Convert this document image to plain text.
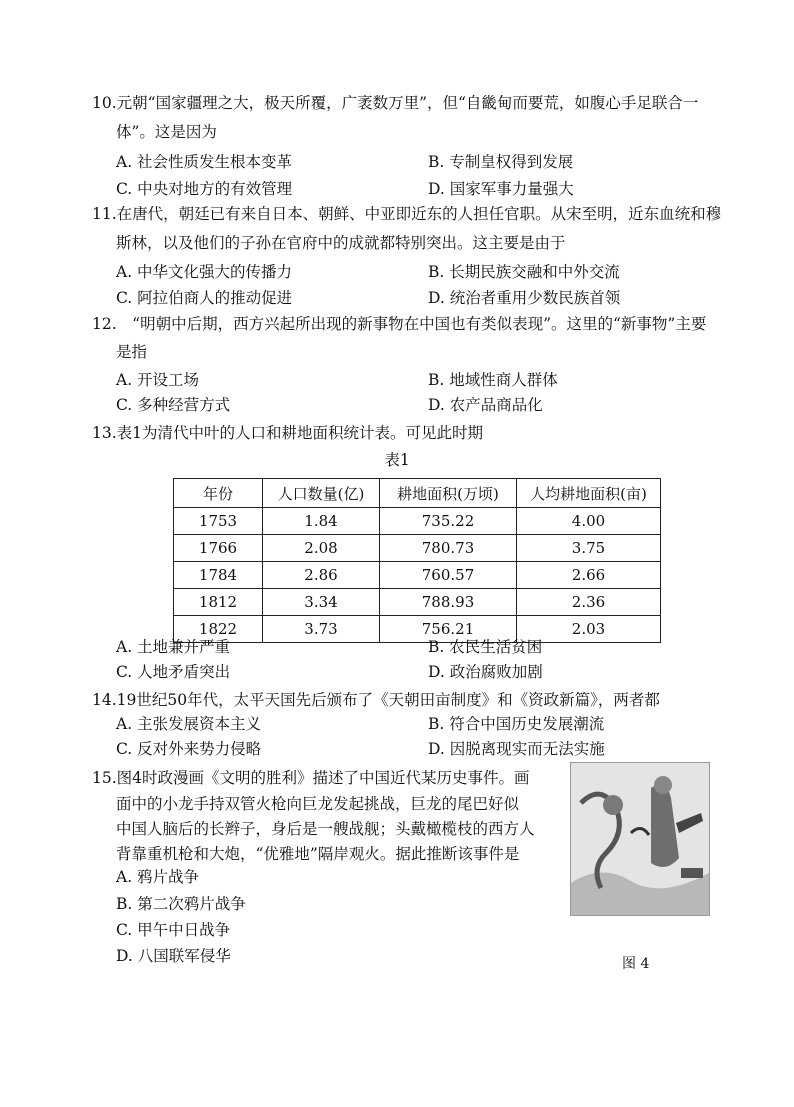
10.元朝“国家疆理之大，极天所覆，广袤数万里”，但“自畿甸而要荒，如腹心手足联合一
体”。这是因为
A. 社会性质发生根本变革	B. 专制皇权得到发展
C. 中央对地方的有效管理	D. 国家军事力量强大
11.在唐代，朝廷已有来自日本、朝鲜、中亚即近东的人担任官职。从宋至明，近东血统和穆
斯林，以及他们的子孙在官府中的成就都特别突出。这主要是由于
A. 中华文化强大的传播力	B. 长期民族交融和中外交流
C. 阿拉伯商人的推动促进	D. 统治者重用少数民族首领
12.　“明朝中后期，西方兴起所出现的新事物在中国也有类似表现”。这里的“新事物”主要
是指
A. 开设工场	B. 地域性商人群体
C. 多种经营方式	D. 农产品商品化
13.表1为清代中叶的人口和耕地面积统计表。可见此时期
表1
年份	人口数量(亿)	耕地面积(万顷)	人均耕地面积(亩)
1753	1.84	735.22	4.00
1766	2.08	780.73	3.75
1784	2.86	760.57	2.66
1812	3.34	788.93	2.36
1822	3.73	756.21	2.03
A. 土地兼并严重	B. 农民生活贫困
C. 人地矛盾突出	D. 政治腐败加剧
14.19世纪50年代，太平天国先后颁布了《天朝田亩制度》和《资政新篇》，两者都
A. 主张发展资本主义	B. 符合中国历史发展潮流
C. 反对外来势力侵略	D. 因脱离现实而无法实施
15.图4时政漫画《文明的胜利》描述了中国近代某历史事件。画
面中的小龙手持双管火枪向巨龙发起挑战，巨龙的尾巴好似
中国人脑后的长辫子，身后是一艘战舰；头戴橄榄枝的西方人
背靠重机枪和大炮，“优雅地”隔岸观火。据此推断该事件是
A. 鸦片战争
B. 第二次鸦片战争
C. 甲午中日战争
D. 八国联军侵华	图 4
